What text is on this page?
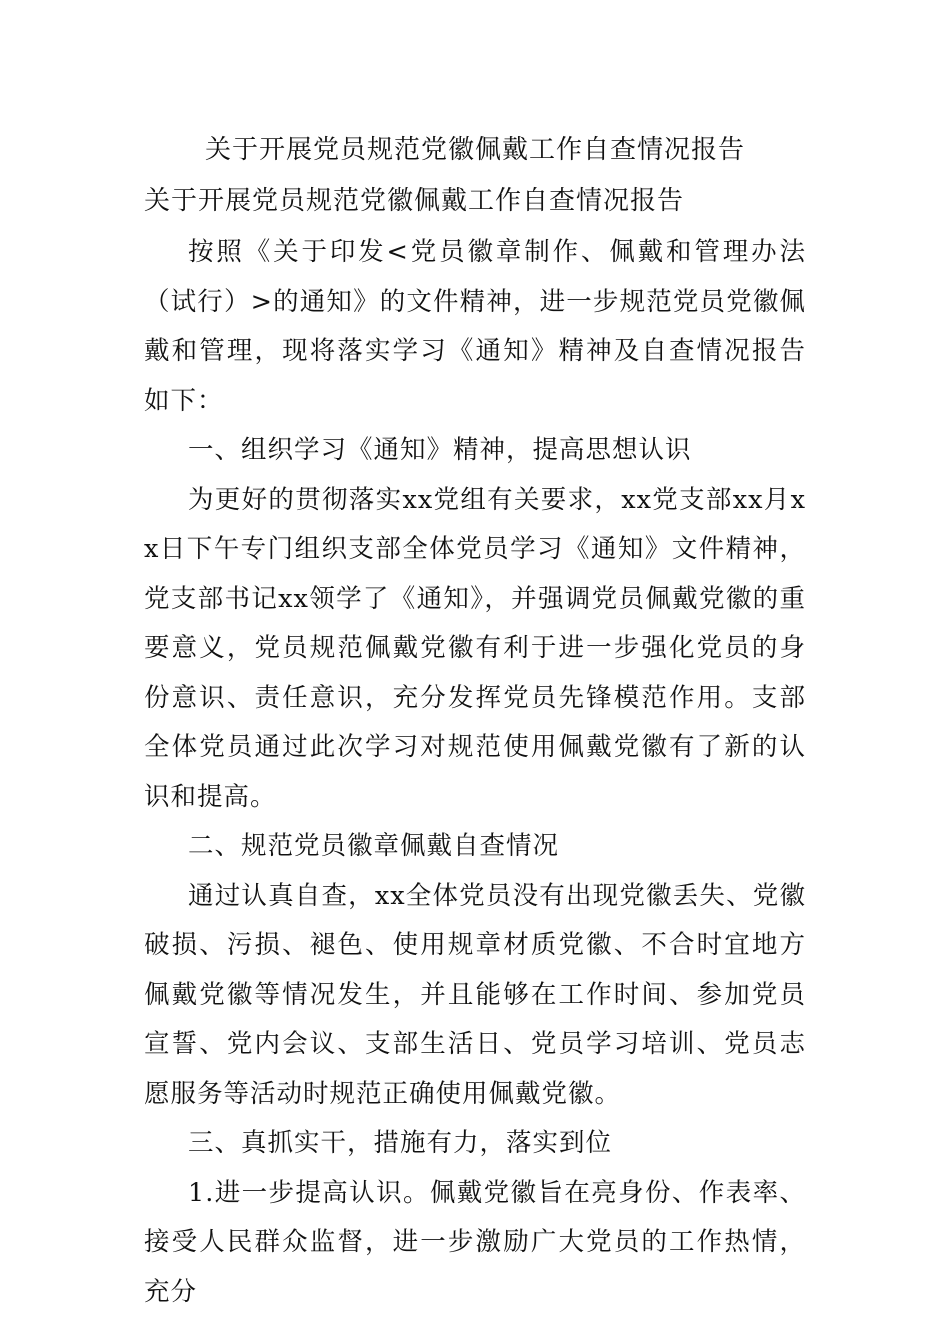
关于开展党员规范党徽佩戴工作自查情况报告

关于开展党员规范党徽佩戴工作自查情况报告

按照《关于印发<党员徽章制作、佩戴和管理办法（试行）>的通知》的文件精神，进一步规范党员党徽佩戴和管理，现将落实学习《通知》精神及自查情况报告如下：

一、组织学习《通知》精神，提高思想认识

为更好的贯彻落实xx党组有关要求，xx党支部xx月xx日下午专门组织支部全体党员学习《通知》文件精神，党支部书记xx领学了《通知》，并强调党员佩戴党徽的重要意义，党员规范佩戴党徽有利于进一步强化党员的身份意识、责任意识，充分发挥党员先锋模范作用。支部全体党员通过此次学习对规范使用佩戴党徽有了新的认识和提高。

二、规范党员徽章佩戴自查情况

通过认真自查，xx全体党员没有出现党徽丢失、党徽破损、污损、褪色、使用规章材质党徽、不合时宜地方佩戴党徽等情况发生，并且能够在工作时间、参加党员宣誓、党内会议、支部生活日、党员学习培训、党员志愿服务等活动时规范正确使用佩戴党徽。

三、真抓实干，措施有力，落实到位

1.进一步提高认识。佩戴党徽旨在亮身份、作表率、接受人民群众监督，进一步激励广大党员的工作热情，充分
